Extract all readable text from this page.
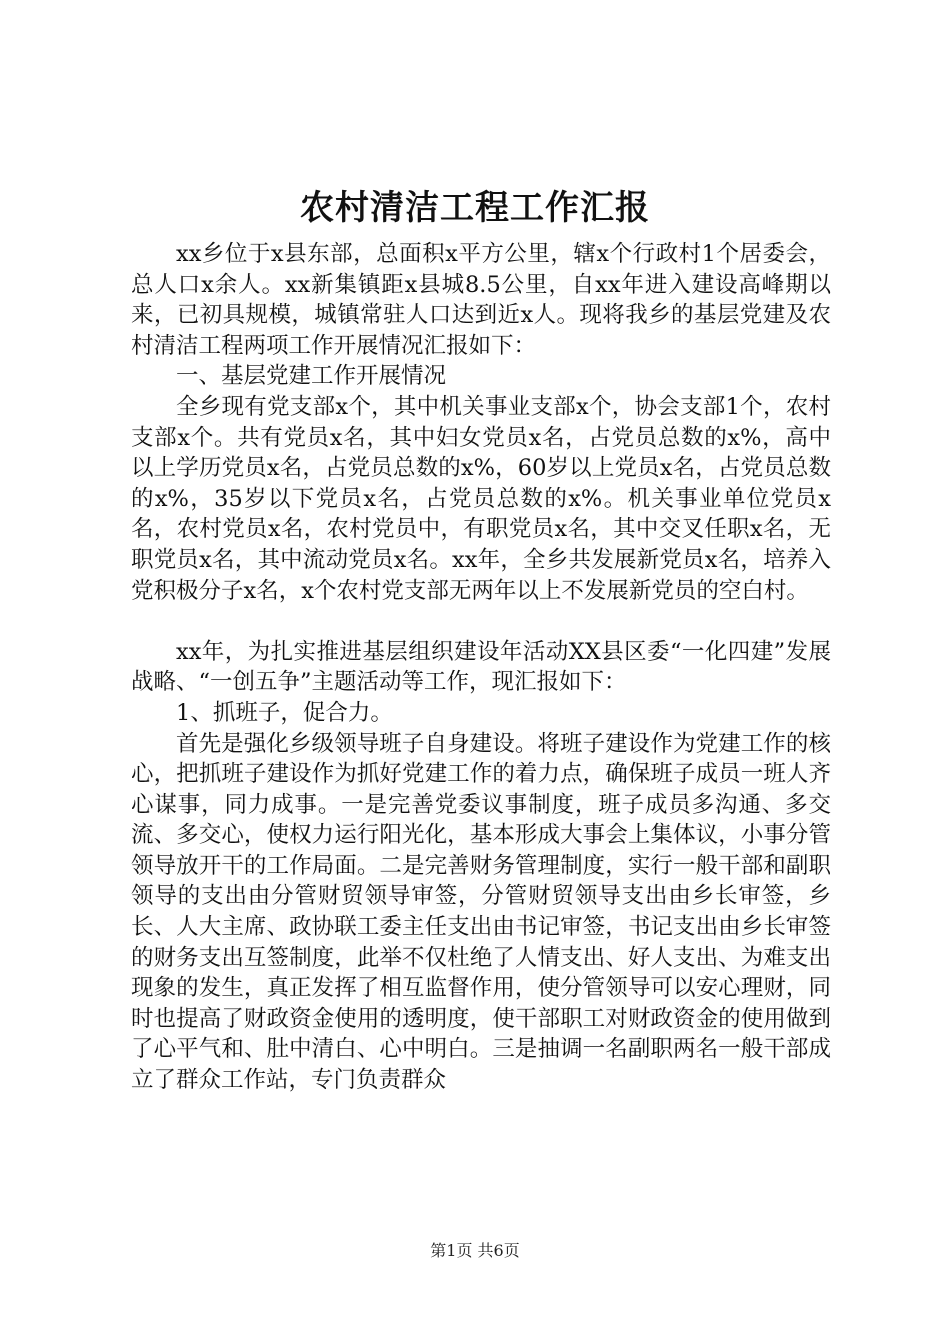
农村清洁工程工作汇报

xx乡位于x县东部，总面积x平方公里，辖x个行政村1个居委会，总人口x余人。xx新集镇距x县城8.5公里，自xx年进入建设高峰期以来，已初具规模，城镇常驻人口达到近x人。现将我乡的基层党建及农村清洁工程两项工作开展情况汇报如下：

一、基层党建工作开展情况

全乡现有党支部x个，其中机关事业支部x个，协会支部1个，农村支部x个。共有党员x名，其中妇女党员x名，占党员总数的x%，高中以上学历党员x名，占党员总数的x%，60岁以上党员x名，占党员总数的x%，35岁以下党员x名，占党员总数的x%。机关事业单位党员x名，农村党员x名，农村党员中，有职党员x名，其中交叉任职x名，无职党员x名，其中流动党员x名。xx年，全乡共发展新党员x名，培养入党积极分子x名，x个农村党支部无两年以上不发展新党员的空白村。

xx年，为扎实推进基层组织建设年活动XX县区委“一化四建”发展战略、“一创五争”主题活动等工作，现汇报如下：

1、抓班子，促合力。

首先是强化乡级领导班子自身建设。将班子建设作为党建工作的核心，把抓班子建设作为抓好党建工作的着力点，确保班子成员一班人齐心谋事，同力成事。一是完善党委议事制度，班子成员多沟通、多交流、多交心，使权力运行阳光化，基本形成大事会上集体议，小事分管领导放开干的工作局面。二是完善财务管理制度，实行一般干部和副职领导的支出由分管财贸领导审签，分管财贸领导支出由乡长审签，乡长、人大主席、政协联工委主任支出由书记审签，书记支出由乡长审签的财务支出互签制度，此举不仅杜绝了人情支出、好人支出、为难支出现象的发生，真正发挥了相互监督作用，使分管领导可以安心理财，同时也提高了财政资金使用的透明度，使干部职工对财政资金的使用做到了心平气和、肚中清白、心中明白。三是抽调一名副职两名一般干部成立了群众工作站，专门负责群众

第1页 共6页
